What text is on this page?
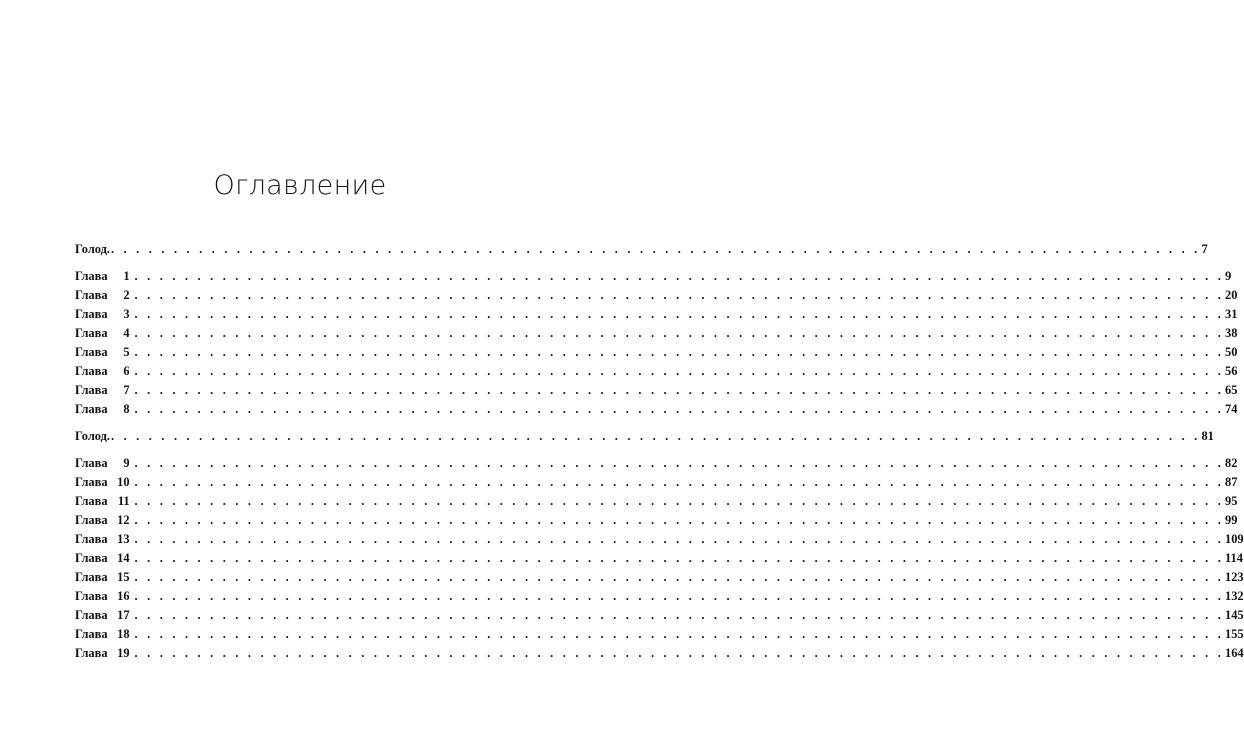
Оглавление
Голод. . . . . . . . . . . . . . . . . . . . . . . . . . . . . . . . . . . . . . . . . . . . . . . . . . . . . . . . . . . . . . . . . . . . . . . . . . . . . . . . . . . . . . . . 7
Глава	1 . . . . . . . . . . . . . . . . . . . . . . . . . . . . . . . . . . . . . . . . . . . . . . . . . . . . . . . . . . . . . . . . . . . . . . . . . . . . . . . . . . . . . . . 9
Глава	2 . . . . . . . . . . . . . . . . . . . . . . . . . . . . . . . . . . . . . . . . . . . . . . . . . . . . . . . . . . . . . . . . . . . . . . . . . . . . . . . . . . . . . . . 20
Глава	3 . . . . . . . . . . . . . . . . . . . . . . . . . . . . . . . . . . . . . . . . . . . . . . . . . . . . . . . . . . . . . . . . . . . . . . . . . . . . . . . . . . . . . . . 31
Глава	4 . . . . . . . . . . . . . . . . . . . . . . . . . . . . . . . . . . . . . . . . . . . . . . . . . . . . . . . . . . . . . . . . . . . . . . . . . . . . . . . . . . . . . . . 38
Глава	5 . . . . . . . . . . . . . . . . . . . . . . . . . . . . . . . . . . . . . . . . . . . . . . . . . . . . . . . . . . . . . . . . . . . . . . . . . . . . . . . . . . . . . . . 50
Глава	6 . . . . . . . . . . . . . . . . . . . . . . . . . . . . . . . . . . . . . . . . . . . . . . . . . . . . . . . . . . . . . . . . . . . . . . . . . . . . . . . . . . . . . . . 56
Глава	7 . . . . . . . . . . . . . . . . . . . . . . . . . . . . . . . . . . . . . . . . . . . . . . . . . . . . . . . . . . . . . . . . . . . . . . . . . . . . . . . . . . . . . . . 65
Глава	8 . . . . . . . . . . . . . . . . . . . . . . . . . . . . . . . . . . . . . . . . . . . . . . . . . . . . . . . . . . . . . . . . . . . . . . . . . . . . . . . . . . . . . . . 74
Голод. . . . . . . . . . . . . . . . . . . . . . . . . . . . . . . . . . . . . . . . . . . . . . . . . . . . . . . . . . . . . . . . . . . . . . . . . . . . . . . . . . . . . . . . 81
Глава	9 . . . . . . . . . . . . . . . . . . . . . . . . . . . . . . . . . . . . . . . . . . . . . . . . . . . . . . . . . . . . . . . . . . . . . . . . . . . . . . . . . . . . . . . 82
Глава 10 . . . . . . . . . . . . . . . . . . . . . . . . . . . . . . . . . . . . . . . . . . . . . . . . . . . . . . . . . . . . . . . . . . . . . . . . . . . . . . . . . . . . . . . 87
Глава 11 . . . . . . . . . . . . . . . . . . . . . . . . . . . . . . . . . . . . . . . . . . . . . . . . . . . . . . . . . . . . . . . . . . . . . . . . . . . . . . . . . . . . . . . 95
Глава 12 . . . . . . . . . . . . . . . . . . . . . . . . . . . . . . . . . . . . . . . . . . . . . . . . . . . . . . . . . . . . . . . . . . . . . . . . . . . . . . . . . . . . . . . 99
Глава 13 . . . . . . . . . . . . . . . . . . . . . . . . . . . . . . . . . . . . . . . . . . . . . . . . . . . . . . . . . . . . . . . . . . . . . . . . . . . . . . . . . . . . . . . 109
Глава 14 . . . . . . . . . . . . . . . . . . . . . . . . . . . . . . . . . . . . . . . . . . . . . . . . . . . . . . . . . . . . . . . . . . . . . . . . . . . . . . . . . . . . . . . 114
Глава 15 . . . . . . . . . . . . . . . . . . . . . . . . . . . . . . . . . . . . . . . . . . . . . . . . . . . . . . . . . . . . . . . . . . . . . . . . . . . . . . . . . . . . . . . 123
Глава 16 . . . . . . . . . . . . . . . . . . . . . . . . . . . . . . . . . . . . . . . . . . . . . . . . . . . . . . . . . . . . . . . . . . . . . . . . . . . . . . . . . . . . . . . 132
Глава 17 . . . . . . . . . . . . . . . . . . . . . . . . . . . . . . . . . . . . . . . . . . . . . . . . . . . . . . . . . . . . . . . . . . . . . . . . . . . . . . . . . . . . . . . 145
Глава 18 . . . . . . . . . . . . . . . . . . . . . . . . . . . . . . . . . . . . . . . . . . . . . . . . . . . . . . . . . . . . . . . . . . . . . . . . . . . . . . . . . . . . . . . 155
Глава 19 . . . . . . . . . . . . . . . . . . . . . . . . . . . . . . . . . . . . . . . . . . . . . . . . . . . . . . . . . . . . . . . . . . . . . . . . . . . . . . . . . . . . . . . 164
